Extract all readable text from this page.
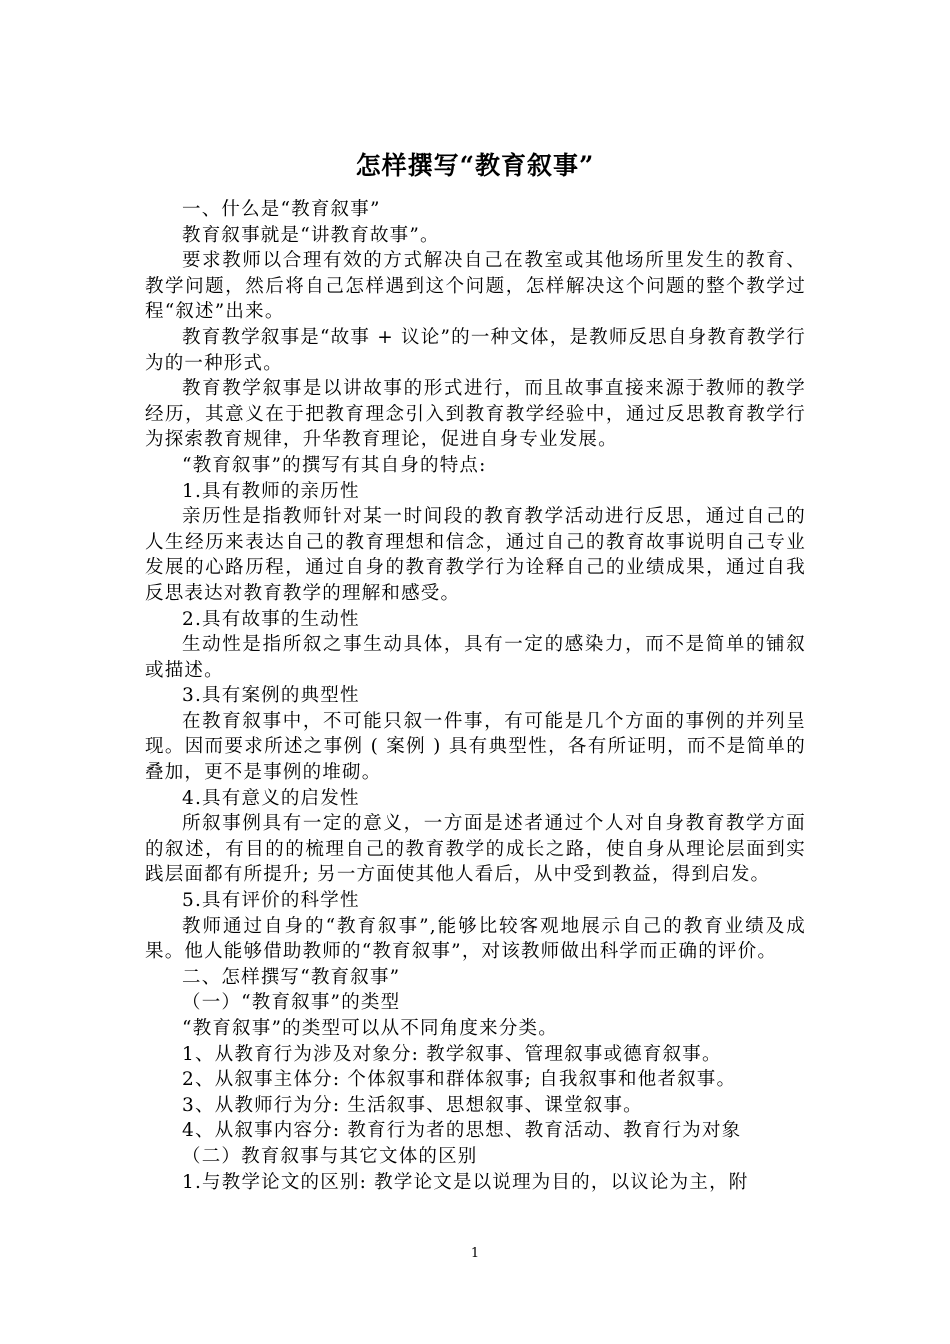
怎样撰写“教育叙事”

一、什么是“教育叙事”

教育叙事就是“讲教育故事”。

要求教师以合理有效的方式解决自己在教室或其他场所里发生的教育、教学问题，然后将自己怎样遇到这个问题，怎样解决这个问题的整个教学过程“叙述”出来。

教育教学叙事是“故事 + 议论”的一种文体，是教师反思自身教育教学行为的一种形式。

教育教学叙事是以讲故事的形式进行，而且故事直接来源于教师的教学经历，其意义在于把教育理念引入到教育教学经验中，通过反思教育教学行为探索教育规律，升华教育理论，促进自身专业发展。

“教育叙事”的撰写有其自身的特点:

1.具有教师的亲历性

亲历性是指教师针对某一时间段的教育教学活动进行反思，通过自己的人生经历来表达自己的教育理想和信念，通过自己的教育故事说明自己专业发展的心路历程，通过自身的教育教学行为诠释自己的业绩成果，通过自我反思表达对教育教学的理解和感受。

2.具有故事的生动性

生动性是指所叙之事生动具体，具有一定的感染力，而不是简单的铺叙或描述。

3.具有案例的典型性

在教育叙事中，不可能只叙一件事，有可能是几个方面的事例的并列呈现。因而要求所述之事例 ( 案例 ) 具有典型性，各有所证明，而不是简单的叠加，更不是事例的堆砌。

4.具有意义的启发性

所叙事例具有一定的意义，一方面是述者通过个人对自身教育教学方面的叙述，有目的的梳理自己的教育教学的成长之路，使自身从理论层面到实践层面都有所提升; 另一方面使其他人看后，从中受到教益，得到启发。

5.具有评价的科学性

教师通过自身的“教育叙事”,能够比较客观地展示自己的教育业绩及成果。他人能够借助教师的“教育叙事”，对该教师做出科学而正确的评价。

二、怎样撰写“教育叙事”

（一）“教育叙事”的类型

“教育叙事”的类型可以从不同角度来分类。

1、从教育行为涉及对象分: 教学叙事、管理叙事或德育叙事。

2、从叙事主体分: 个体叙事和群体叙事; 自我叙事和他者叙事。

3、从教师行为分: 生活叙事、思想叙事、课堂叙事。

4、从叙事内容分: 教育行为者的思想、教育活动、教育行为对象

（二）教育叙事与其它文体的区别

1.与教学论文的区别: 教学论文是以说理为目的，以议论为主，附

1
